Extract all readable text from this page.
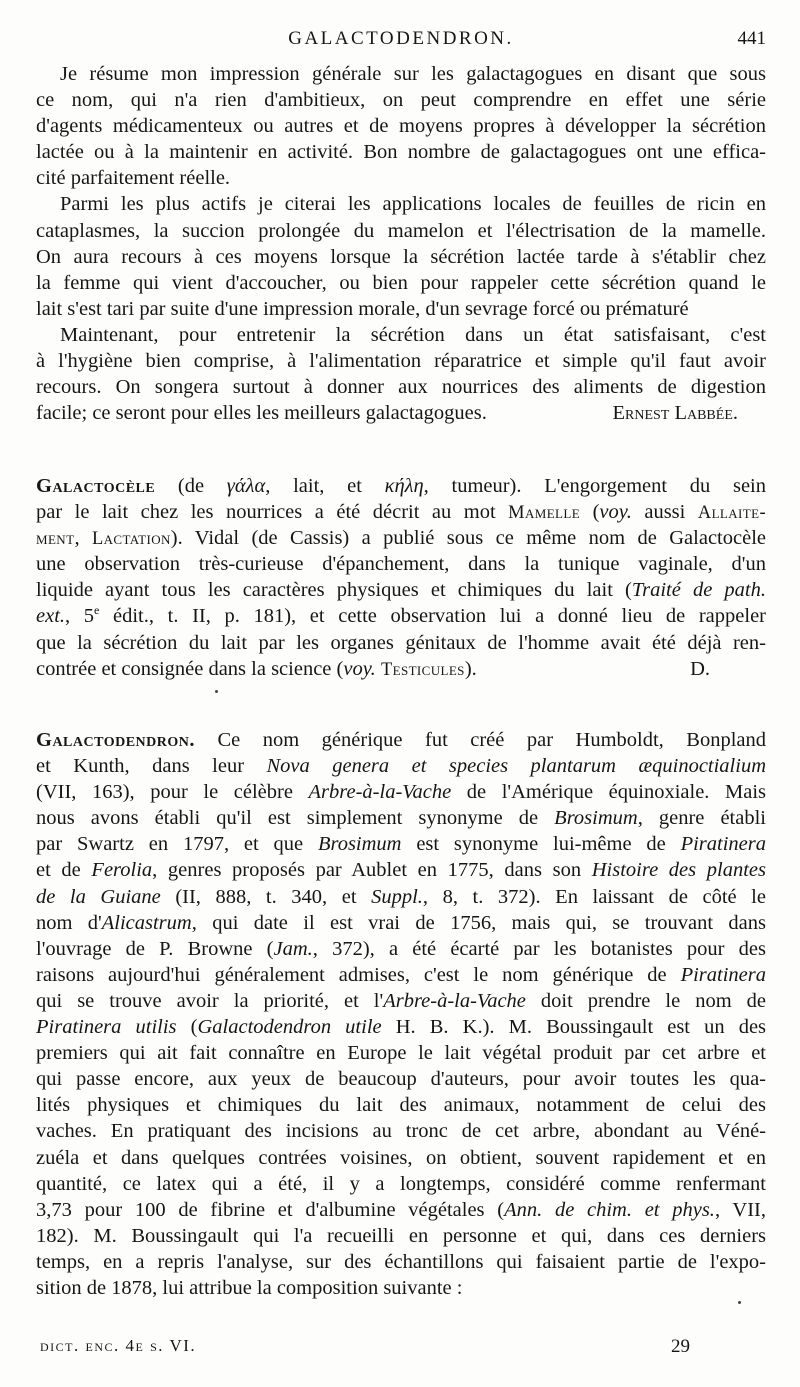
GALACTODENDRON.	441
Je résume mon impression générale sur les galactagogues en disant que sous
ce nom, qui n'a rien d'ambitieux, on peut comprendre en effet une série
d'agents médicamenteux ou autres et de moyens propres à développer la sécrétion
lactée ou à la maintenir en activité. Bon nombre de galactagogues ont une effica-
cité parfaitement réelle.
Parmi les plus actifs je citerai les applications locales de feuilles de ricin en
cataplasmes, la succion prolongée du mamelon et l'électrisation de la mamelle.
On aura recours à ces moyens lorsque la sécrétion lactée tarde à s'établir chez
la femme qui vient d'accoucher, ou bien pour rappeler cette sécrétion quand le
lait s'est tari par suite d'une impression morale, d'un sevrage forcé ou prématuré
Maintenant, pour entretenir la sécrétion dans un état satisfaisant, c'est
à l'hygiène bien comprise, à l'alimentation réparatrice et simple qu'il faut avoir
recours. On songera surtout à donner aux nourrices des aliments de digestion
facile; ce seront pour elles les meilleurs galactagogues.	Ernest Labbée.
Galactocèle (de γάλα, lait, et κήλη, tumeur). L'engorgement du sein
par le lait chez les nourrices a été décrit au mot Mamelle (voy. aussi Allaite-
ment, Lactation). Vidal (de Cassis) a publié sous ce même nom de Galactocèle
une observation très-curieuse d'épanchement, dans la tunique vaginale, d'un
liquide ayant tous les caractères physiques et chimiques du lait (Traité de path.
ext., 5e édit., t. II, p. 181), et cette observation lui a donné lieu de rappeler
que la sécrétion du lait par les organes génitaux de l'homme avait été déjà ren-
contrée et consignée dans la science (voy. Testicules).	D.
Galactodendron. Ce nom générique fut créé par Humboldt, Bonpland
et Kunth, dans leur Nova genera et species plantarum æquinoctialium
(VII, 163), pour le célèbre Arbre-à-la-Vache de l'Amérique équinoxiale. Mais
nous avons établi qu'il est simplement synonyme de Brosimum, genre établi
par Swartz en 1797, et que Brosimum est synonyme lui-même de Piratinera
et de Ferolia, genres proposés par Aublet en 1775, dans son Histoire des plantes
de la Guiane (II, 888, t. 340, et Suppl., 8, t. 372). En laissant de côté le
nom d'Alicastrum, qui date il est vrai de 1756, mais qui, se trouvant dans
l'ouvrage de P. Browne (Jam., 372), a été écarté par les botanistes pour des
raisons aujourd'hui généralement admises, c'est le nom générique de Piratinera
qui se trouve avoir la priorité, et l'Arbre-à-la-Vache doit prendre le nom de
Piratinera utilis (Galactodendron utile H. B. K.). M. Boussingault est un des
premiers qui ait fait connaître en Europe le lait végétal produit par cet arbre et
qui passe encore, aux yeux de beaucoup d'auteurs, pour avoir toutes les qua-
lités physiques et chimiques du lait des animaux, notamment de celui des
vaches. En pratiquant des incisions au tronc de cet arbre, abondant au Véné-
zuéla et dans quelques contrées voisines, on obtient, souvent rapidement et en
quantité, ce latex qui a été, il y a longtemps, considéré comme renfermant
3,73 pour 100 de fibrine et d'albumine végétales (Ann. de chim. et phys., VII,
182). M. Boussingault qui l'a recueilli en personne et qui, dans ces derniers
temps, en a repris l'analyse, sur des échantillons qui faisaient partie de l'expo-
sition de 1878, lui attribue la composition suivante :
dict. enc. 4e s. VI.	29
